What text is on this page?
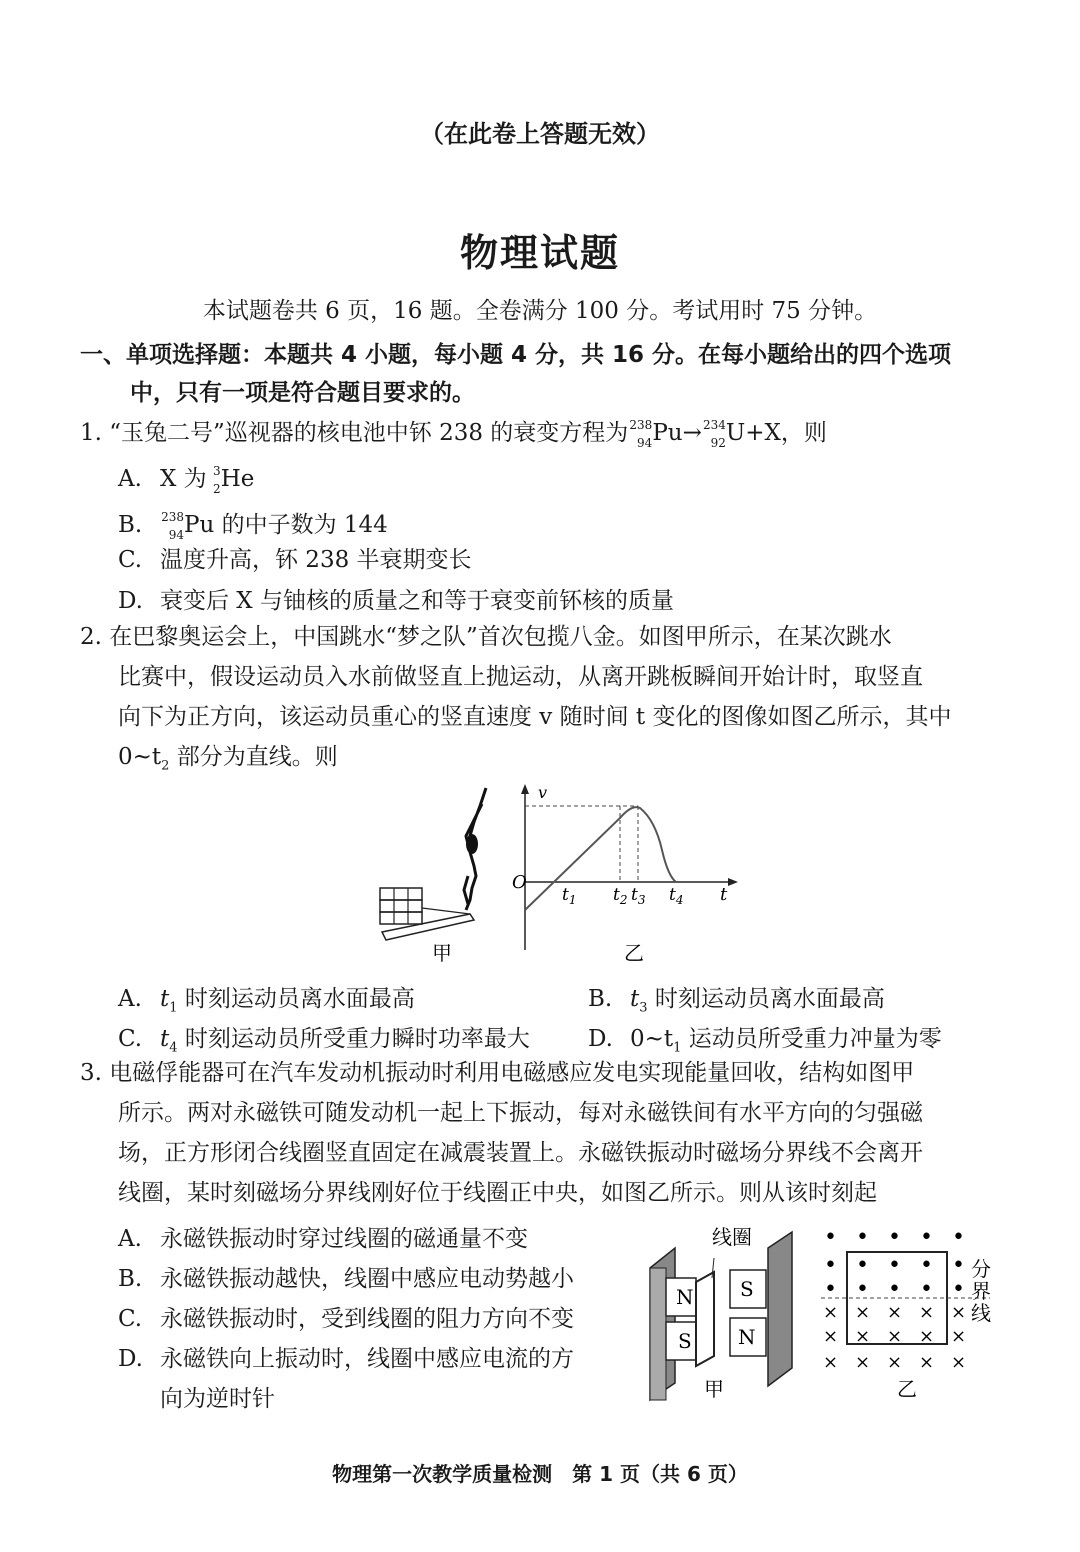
（在此卷上答题无效）
物理试题
本试题卷共 6 页，16 题。全卷满分 100 分。考试用时 75 分钟。
一、单项选择题：本题共 4 小题，每小题 4 分，共 16 分。在每小题给出的四个选项
中，只有一项是符合题目要求的。
1. “玉兔二号”巡视器的核电池中钚 238 的衰变方程为 238
94 Pu→ 234
92 U+X，则
A. X 为 3
2 He
B. 238
94 Pu 的中子数为 144
C. 温度升高，钚 238 半衰期变长
D. 衰变后 X 与铀核的质量之和等于衰变前钚核的质量
2. 在巴黎奥运会上，中国跳水“梦之队”首次包揽八金。如图甲所示，在某次跳水
比赛中，假设运动员入水前做竖直上抛运动，从离开跳板瞬间开始计时，取竖直
向下为正方向，该运动员重心的竖直速度 v 随时间 t 变化的图像如图乙所示，其中
$0\sim t_2$ 部分为直线。则
甲
v
t
O
$t_1$ $t_2$ $t_3$ $t_4$
乙
A. $t_1$ 时刻运动员离水面最高	B. $t_3$ 时刻运动员离水面最高
C. $t_4$ 时刻运动员所受重力瞬时功率最大	D. $0\sim t_1$ 运动员所受重力冲量为零
3. 电磁俘能器可在汽车发动机振动时利用电磁感应发电实现能量回收，结构如图甲
所示。两对永磁铁可随发动机一起上下振动，每对永磁铁间有水平方向的匀强磁
场，正方形闭合线圈竖直固定在减震装置上。永磁铁振动时磁场分界线不会离开
线圈，某时刻磁场分界线刚好位于线圈正中央，如图乙所示。则从该时刻起
A. 永磁铁振动时穿过线圈的磁通量不变
B. 永磁铁振动越快，线圈中感应电动势越小
C. 永磁铁振动时，受到线圈的阻力方向不变
D. 永磁铁向上振动时，线圈中感应电流的方
向为逆时针
线圈
N
S
S
N
甲
• • • • •
• • • • •
• • • • •
× × × × ×
× × × × ×
× × × × ×
分
界
线
乙
物理第一次教学质量检测　第 1 页（共 6 页）
